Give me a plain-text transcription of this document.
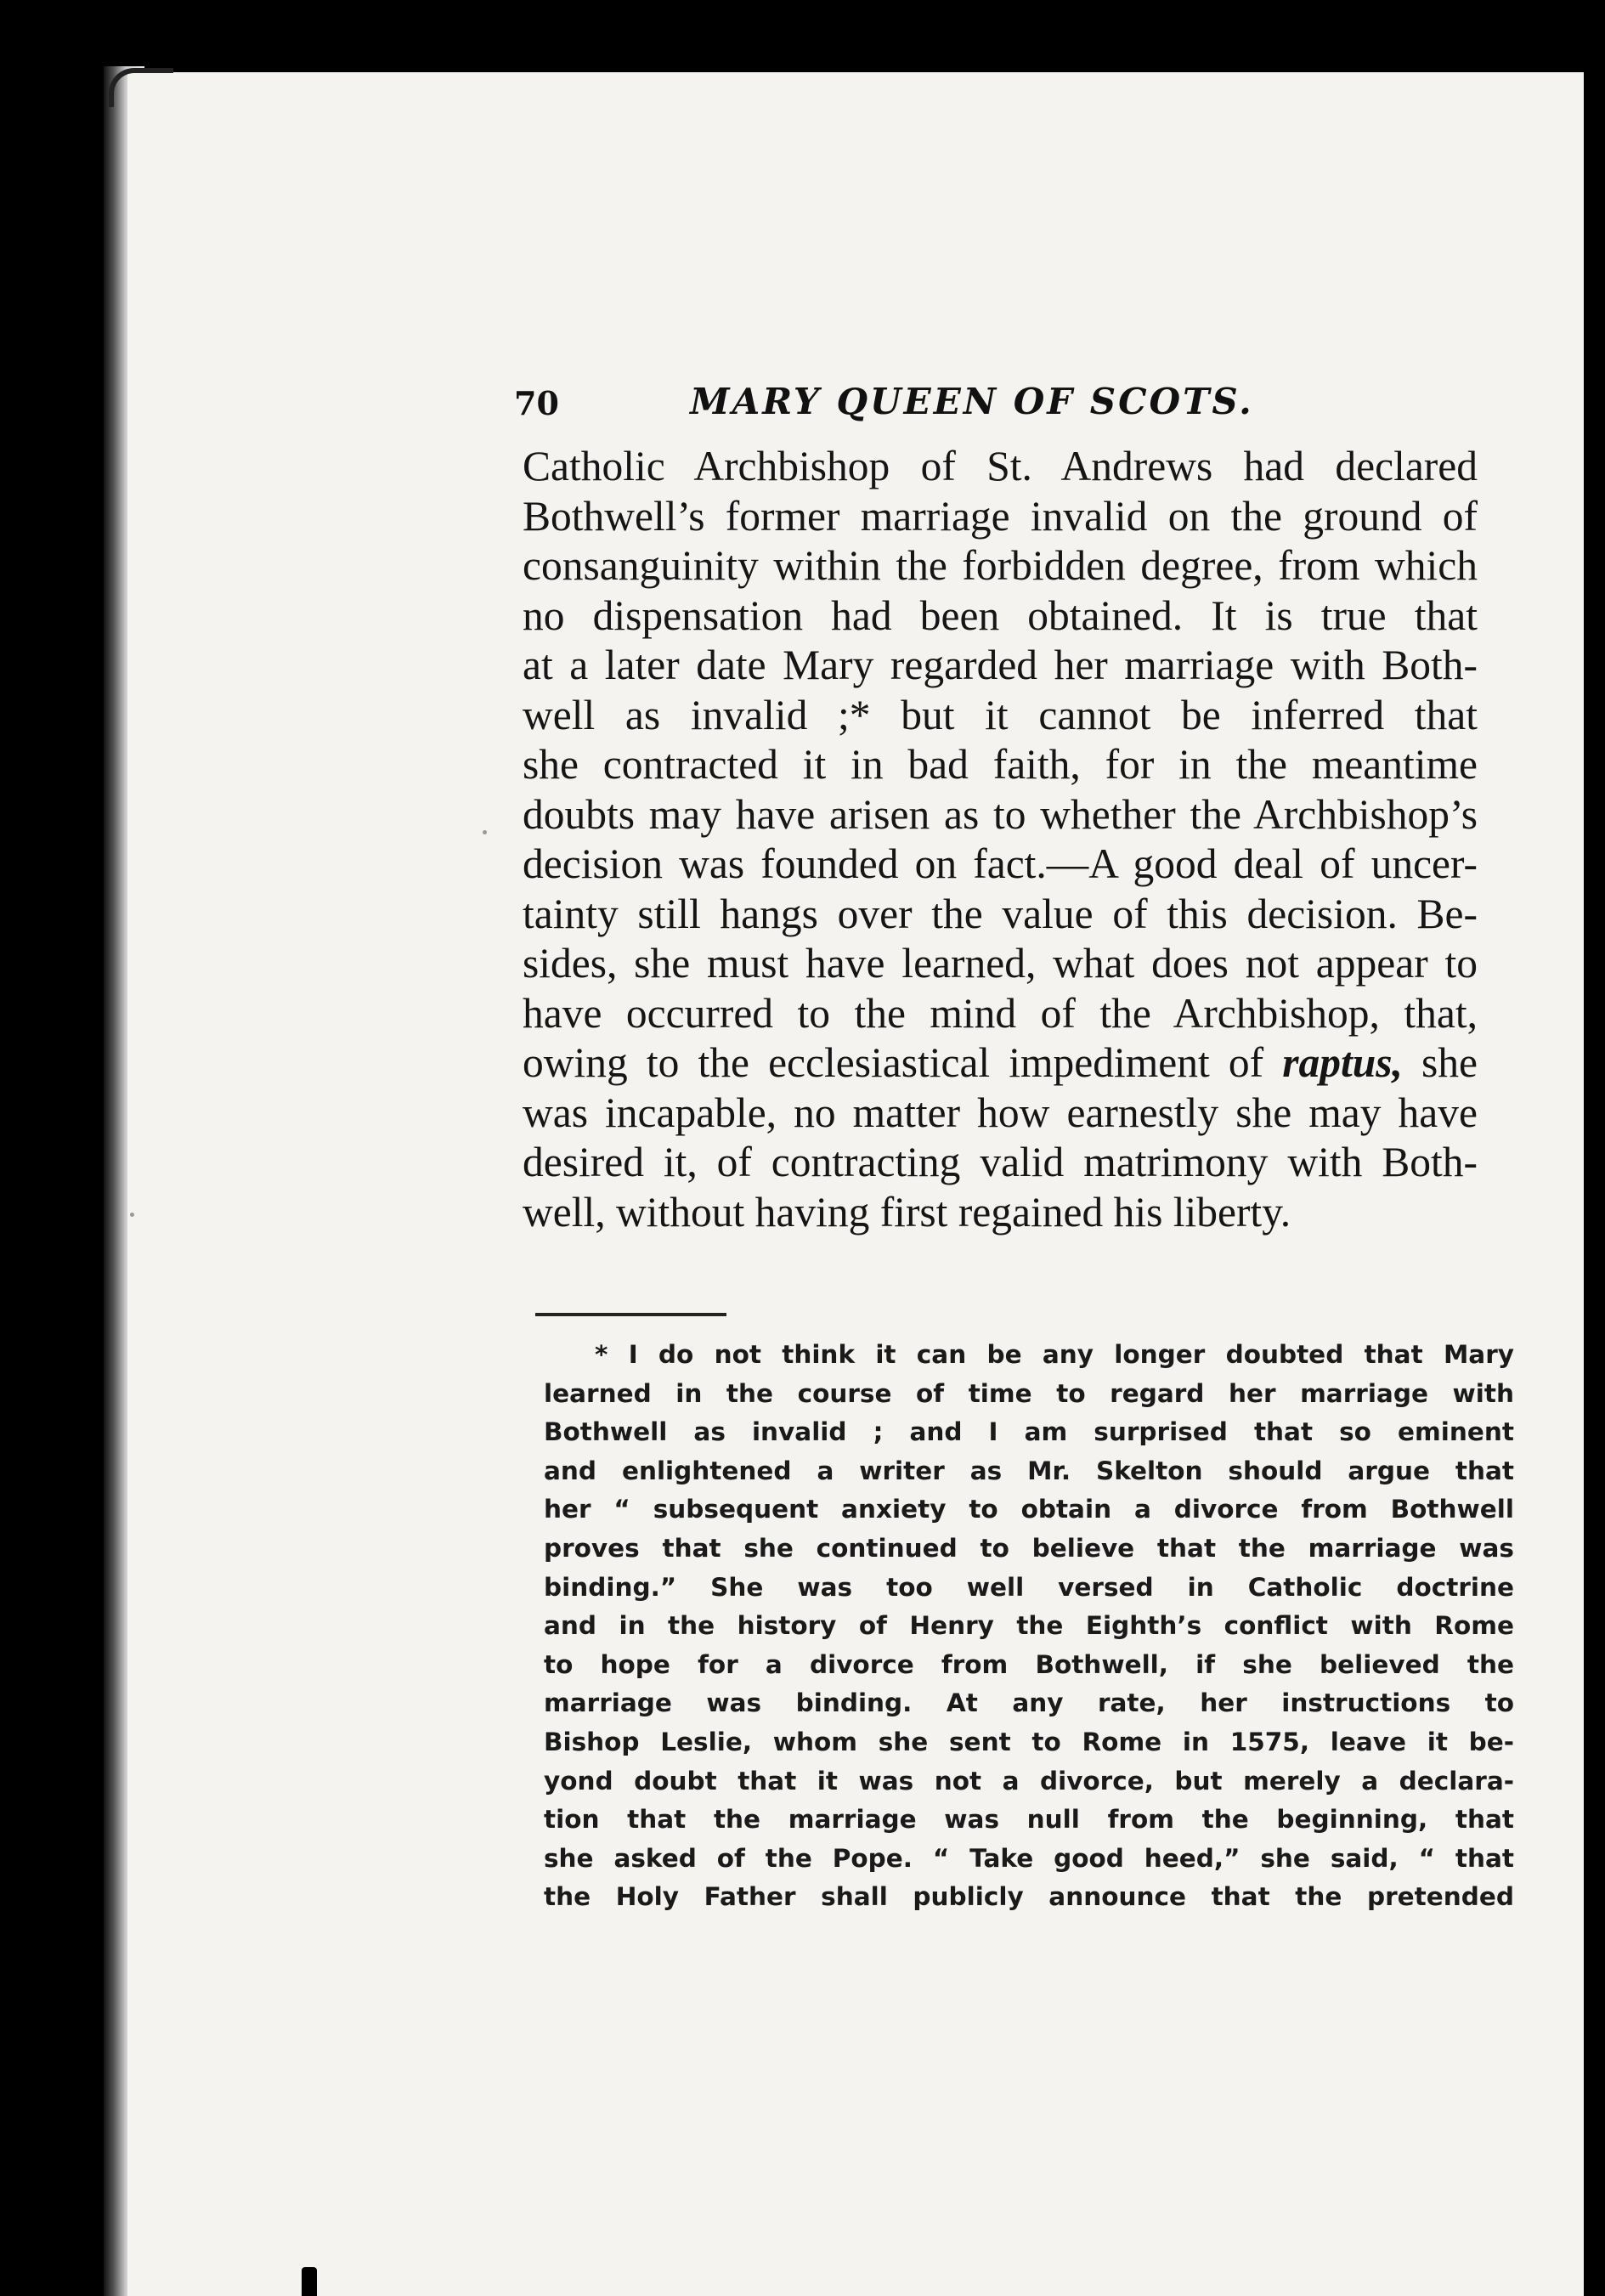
70	MARY QUEEN OF SCOTS.
Catholic Archbishop of St. Andrews had declared
Bothwell’s former marriage invalid on the ground of
consanguinity within the forbidden degree, from which
no dispensation had been obtained. It is true that
at a later date Mary regarded her marriage with Both-
well as invalid ;* but it cannot be inferred that
she contracted it in bad faith, for in the meantime
doubts may have arisen as to whether the Archbishop’s
decision was founded on fact.—A good deal of uncer-
tainty still hangs over the value of this decision. Be-
sides, she must have learned, what does not appear to
have occurred to the mind of the Archbishop, that,
owing to the ecclesiastical impediment of raptus, she
was incapable, no matter how earnestly she may have
desired it, of contracting valid matrimony with Both-
well, without having first regained his liberty.
* I do not think it can be any longer doubted that Mary
learned in the course of time to regard her marriage with
Bothwell as invalid ; and I am surprised that so eminent
and enlightened a writer as Mr. Skelton should argue that
her “ subsequent anxiety to obtain a divorce from Bothwell
proves that she continued to believe that the marriage was
binding.” She was too well versed in Catholic doctrine
and in the history of Henry the Eighth’s conflict with Rome
to hope for a divorce from Bothwell, if she believed the
marriage was binding. At any rate, her instructions to
Bishop Leslie, whom she sent to Rome in 1575, leave it be-
yond doubt that it was not a divorce, but merely a declara-
tion that the marriage was null from the beginning, that
she asked of the Pope. “ Take good heed,” she said, “ that
the Holy Father shall publicly announce that the pretended
